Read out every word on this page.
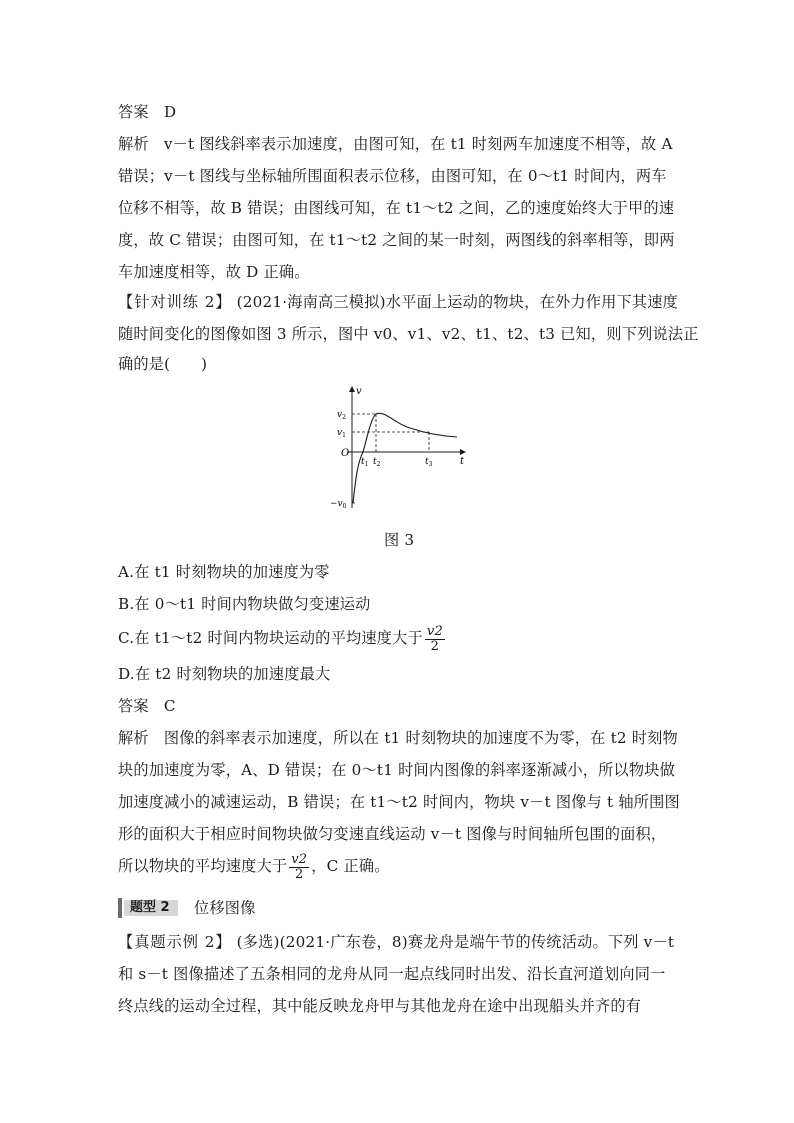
答案 D
解析 v－t 图线斜率表示加速度，由图可知，在 t1 时刻两车加速度不相等，故 A
错误；v－t 图线与坐标轴所围面积表示位移，由图可知，在 0～t1 时间内，两车
位移不相等，故 B 错误；由图线可知，在 t1～t2 之间，乙的速度始终大于甲的速
度，故 C 错误；由图可知，在 t1～t2 之间的某一时刻，两图线的斜率相等，即两
车加速度相等，故 D 正确。
【针对训练 2】 (2021·海南高三模拟)水平面上运动的物块，在外力作用下其速度
随时间变化的图像如图 3 所示，图中 v0、v1、v2、t1、t2、t3 已知，则下列说法正
确的是(　　)
v
t
O
$v_2$
$v_1$
$-v_0$
$t_1$ $t_2$	$t_3$
图 3
A.在 t1 时刻物块的加速度为零
B.在 0～t1 时间内物块做匀变速运动
C.在 t1～t2 时间内物块运动的平均速度大于 $\frac{v2}{2}$
D.在 t2 时刻物块的加速度最大
答案 C
解析 图像的斜率表示加速度，所以在 t1 时刻物块的加速度不为零，在 t2 时刻物
块的加速度为零，A、D 错误；在 0～t1 时间内图像的斜率逐渐减小，所以物块做
加速度减小的减速运动，B 错误；在 t1～t2 时间内，物块 v－t 图像与 t 轴所围图
形的面积大于相应时间物块做匀变速直线运动 v－t 图像与时间轴所包围的面积，
所以物块的平均速度大于 $\frac{v2}{2}$ ，C 正确。
题型 2 位移图像
【真题示例 2】 (多选)(2021·广东卷，8)赛龙舟是端午节的传统活动。下列 v－t
和 s－t 图像描述了五条相同的龙舟从同一起点线同时出发、沿长直河道划向同一
终点线的运动全过程，其中能反映龙舟甲与其他龙舟在途中出现船头并齐的有
